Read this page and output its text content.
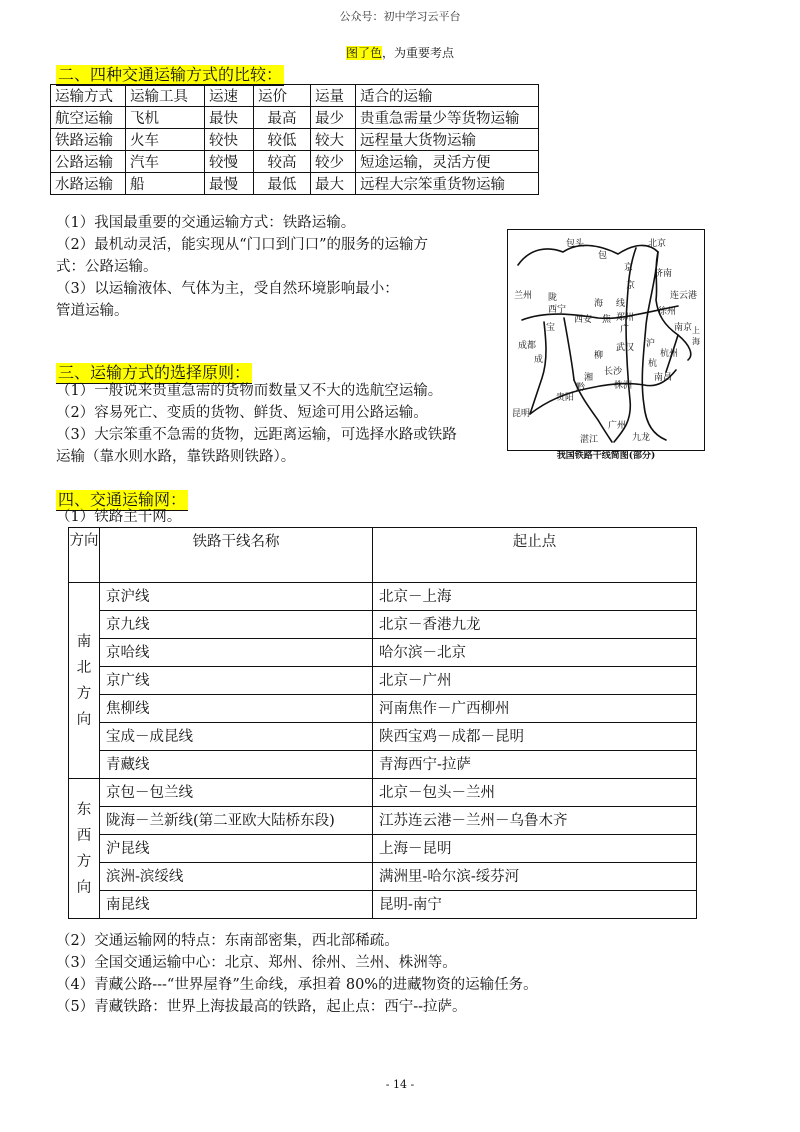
公众号：初中学习云平台
图了色，为重要考点
二、四种交通运输方式的比较：
运输方式	运输工具	运速	运价	运量	适合的运输
航空运输	飞机	最快	最高	最少	贵重急需量少等货物运输
铁路运输	火车	较快	较低	较大	远程量大货物运输
公路运输	汽车	较慢	较高	较少	短途运输，灵活方便
水路运输	船	最慢	最低	最大	远程大宗笨重货物运输
（1）我国最重要的交通运输方式：铁路运输。
（2）最机动灵活，能实现从“门口到门口”的服务的运输方
式：公路运输。
（3）以运输液体、气体为主，受自然环境影响最小：
管道运输。
包头	北京
济南
兰州	连云港
徐州
南京 上海
西宁
西安	郑州
成都	武汉
杭州
长沙
株洲
南昌
昆明
贵阳
广州
湛江	九龙
京
包
陇
海
宝
成
焦
柳
京
广
沪
杭
湘
黔
线
我国铁路干线简图(部分)
三、运输方式的选择原则：
（1）一般说来贵重急需的货物而数量又不大的选航空运输。
（2）容易死亡、变质的货物、鲜货、短途可用公路运输。
（3）大宗笨重不急需的货物，远距离运输，可选择水路或铁路
运输（靠水则水路，靠铁路则铁路）。
四、交通运输网：
（1）铁路主干网。
方向	铁路干线名称	起止点
南北方向	京沪线	北京－上海
	京九线	北京－香港九龙
	京哈线	哈尔滨－北京
	京广线	北京－广州
	焦柳线	河南焦作－广西柳州
	宝成－成昆线	陕西宝鸡－成都－昆明
	青藏线	青海西宁-拉萨
东西方向	京包－包兰线	北京－包头－兰州
	陇海－兰新线(第二亚欧大陆桥东段)	江苏连云港－兰州－乌鲁木齐
	沪昆线	上海－昆明
	滨洲-滨绥线	满洲里-哈尔滨-绥芬河
	南昆线	昆明-南宁
（2）交通运输网的特点：东南部密集，西北部稀疏。
（3）全国交通运输中心：北京、郑州、徐州、兰州、株洲等。
（4）青藏公路---“世界屋脊”生命线，承担着 80%的进藏物资的运输任务。
（5）青藏铁路：世界上海拔最高的铁路，起止点：西宁--拉萨。
- 14 -
